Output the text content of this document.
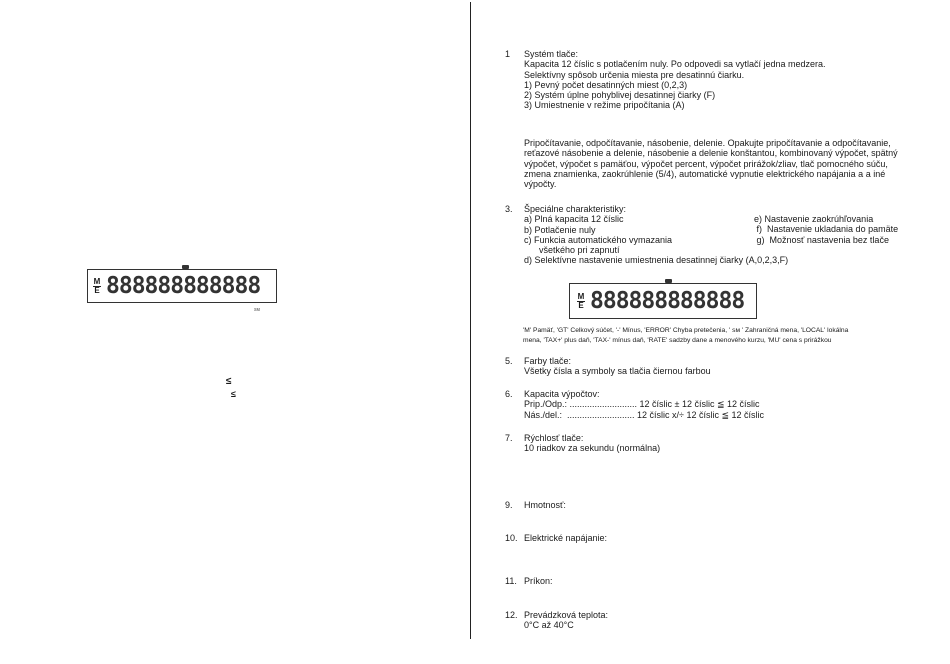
M
E 888888888888
sм
≤
≤
1 Systém tlače:
Kapacita 12 číslic s potlačením nuly. Po odpovedi sa vytlačí jedna medzera.
Selektívny spôsob určenia miesta pre desatinnú čiarku.
1) Pevný počet desatinných miest (0,2,3)
2) Systém úplne pohyblivej desatinnej čiarky (F)
3) Umiestnenie v režime pripočítania (A)
Pripočítavanie, odpočítavanie, násobenie, delenie. Opakujte pripočítavanie a odpočítavanie,
reťazové násobenie a delenie, násobenie a delenie konštantou, kombinovaný výpočet, spätný
výpočet, výpočet s pamäťou, výpočet percent, výpočet prirážok/zliav, tlač pomocného súču,
zmena znamienka, zaokrúhlenie (5/4), automatické vypnutie elektrického napájania a a iné
výpočty.
3. Špeciálne charakteristiky:
a) Plná kapacita 12 číslic
b) Potlačenie nuly
c) Funkcia automatického vymazania
všetkého pri zapnutí
d) Selektívne nastavenie umiestnenia desatinnej čiarky (A,0,2,3,F)
e) Nastavenie zaokrúhľovania
f)  Nastavenie ukladania do pamäte
g)  Možnosť nastavenia bez tlače
M
E 888888888888
'M' Pamäť, 'GT' Celkový súčet, '-' Mínus, 'ERROR' Chyba pretečenia, ' sм ' Zahraničná mena, 'LOCAL' lokálna
mena, 'TAX+' plus daň, 'TAX-' mínus daň, 'RATE' sadzby dane a menového kurzu, 'MU' cena s prirážkou
5. Farby tlače:
Všetky čísla a symboly sa tlačia čiernou farbou
6. Kapacita výpočtov:
Prip./Odp.: ........................... 12 číslic ± 12 číslic ≦ 12 číslic
Nás./del.:  ........................... 12 číslic x/÷ 12 číslic ≦ 12 číslic
7. Rýchlosť tlače:
10 riadkov za sekundu (normálna)
9. Hmotnosť:
10. Elektrické napájanie:
11. Príkon:
12. Prevádzková teplota:
0°C až 40°C
